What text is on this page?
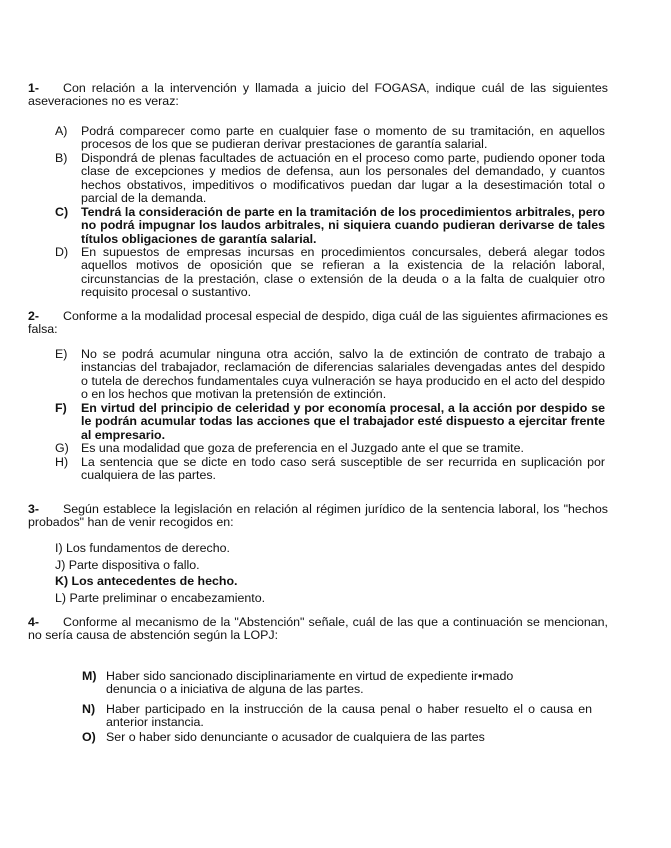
1- Con relación a la intervención y llamada a juicio del FOGASA, indique cuál de las siguientes aseveraciones no es veraz:
A) Podrá comparecer como parte en cualquier fase o momento de su tramitación, en aquellos procesos de los que se pudieran derivar prestaciones de garantía salarial.
B) Dispondrá de plenas facultades de actuación en el proceso como parte, pudiendo oponer toda clase de excepciones y medios de defensa, aun los personales del demandado, y cuantos hechos obstativos, impeditivos o modificativos puedan dar lugar a la desestimación total o parcial de la demanda.
C) Tendrá la consideración de parte en la tramitación de los procedimientos arbitrales, pero no podrá impugnar los laudos arbitrales, ni siquiera cuando pudieran derivarse de tales títulos obligaciones de garantía salarial.
D) En supuestos de empresas incursas en procedimientos concursales, deberá alegar todos aquellos motivos de oposición que se refieran a la existencia de la relación laboral, circunstancias de la prestación, clase o extensión de la deuda o a la falta de cualquier otro requisito procesal o sustantivo.
2- Conforme a la modalidad procesal especial de despido, diga cuál de las siguientes afirmaciones es falsa:
E) No se podrá acumular ninguna otra acción, salvo la de extinción de contrato de trabajo a instancias del trabajador, reclamación de diferencias salariales devengadas antes del despido o tutela de derechos fundamentales cuya vulneración se haya producido en el acto del despido o en los hechos que motivan la pretensión de extinción.
F) En virtud del principio de celeridad y por economía procesal, a la acción por despido se le podrán acumular todas las acciones que el trabajador esté dispuesto a ejercitar frente al empresario.
G) Es una modalidad que goza de preferencia en el Juzgado ante el que se tramite.
H) La sentencia que se dicte en todo caso será susceptible de ser recurrida en suplicación por cualquiera de las partes.
3- Según establece la legislación en relación al régimen jurídico de la sentencia laboral, los "hechos probados" han de venir recogidos en:
I) Los fundamentos de derecho.
J) Parte dispositiva o fallo.
K) Los antecedentes de hecho.
L) Parte preliminar o encabezamiento.
4- Conforme al mecanismo de la "Abstención" señale, cuál de las que a continuación se mencionan, no sería causa de abstención según la LOPJ:
M) Haber sido sancionado disciplinariamente en virtud de expediente ir•mado denuncia o a iniciativa de alguna de las partes.
N) Haber participado en la instrucción de la causa penal o haber resuelto el o causa en anterior instancia.
O) Ser o haber sido denunciante o acusador de cualquiera de las partes
